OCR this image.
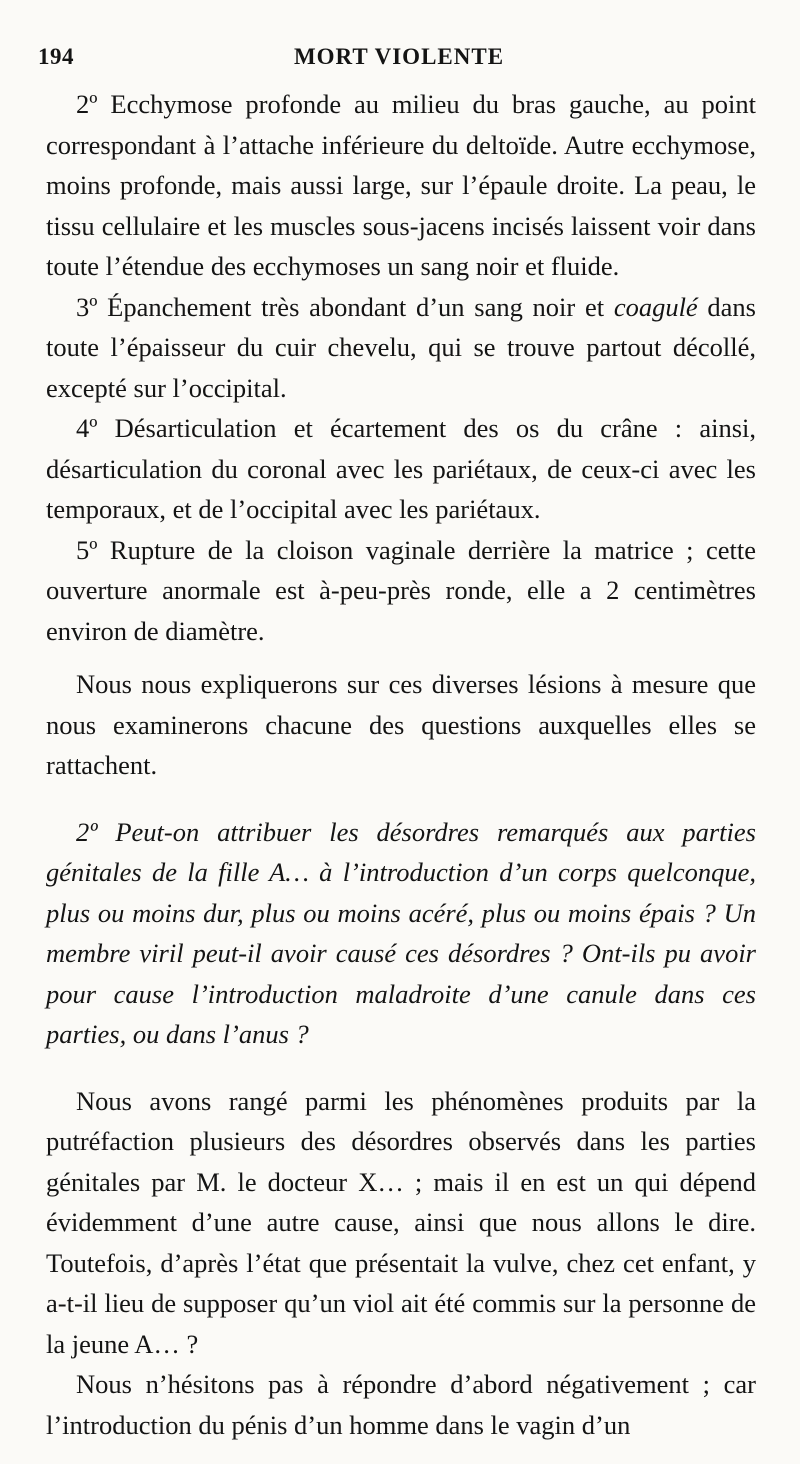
194	MORT VIOLENTE

2º Ecchymose profonde au milieu du bras gauche, au point correspondant à l’attache inférieure du deltoïde. Autre ecchymose, moins profonde, mais aussi large, sur l’épaule droite. La peau, le tissu cellulaire et les muscles sous-jacens incisés laissent voir dans toute l’étendue des ecchymoses un sang noir et fluide.

3º Épanchement très abondant d’un sang noir et coagulé dans toute l’épaisseur du cuir chevelu, qui se trouve partout décollé, excepté sur l’occipital.

4º Désarticulation et écartement des os du crâne : ainsi, désarticulation du coronal avec les pariétaux, de ceux-ci avec les temporaux, et de l’occipital avec les pariétaux.

5º Rupture de la cloison vaginale derrière la matrice ; cette ouverture anormale est à-peu-près ronde, elle a 2 centimètres environ de diamètre.

Nous nous expliquerons sur ces diverses lésions à mesure que nous examinerons chacune des questions auxquelles elles se rattachent.

2º Peut-on attribuer les désordres remarqués aux parties génitales de la fille A… à l’introduction d’un corps quelconque, plus ou moins dur, plus ou moins acéré, plus ou moins épais ? Un membre viril peut-il avoir causé ces désordres ? Ont-ils pu avoir pour cause l’introduction maladroite d’une canule dans ces parties, ou dans l’anus ?

Nous avons rangé parmi les phénomènes produits par la putréfaction plusieurs des désordres observés dans les parties génitales par M. le docteur X… ; mais il en est un qui dépend évidemment d’une autre cause, ainsi que nous allons le dire. Toutefois, d’après l’état que présentait la vulve, chez cet enfant, y a-t-il lieu de supposer qu’un viol ait été commis sur la personne de la jeune A… ?

Nous n’hésitons pas à répondre d’abord négativement ; car l’introduction du pénis d’un homme dans le vagin d’un
